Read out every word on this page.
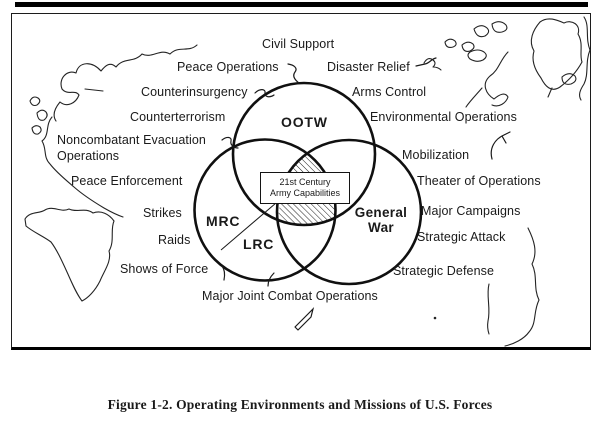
Civil Support
Peace Operations	Disaster Relief
Counterinsurgency	Arms Control
Counterterrorism	Environmental Operations
Noncombatant Evacuation Operations	Mobilization
Peace Enforcement	Theater of Operations
Strikes	Major Campaigns
Raids	Strategic Attack
Shows of Force	Strategic Defense
Major Joint Combat Operations
OOTW
MRC
LRC
General War
21st Century
Army Capabilities
Figure 1-2. Operating Environments and Missions of U.S. Forces
